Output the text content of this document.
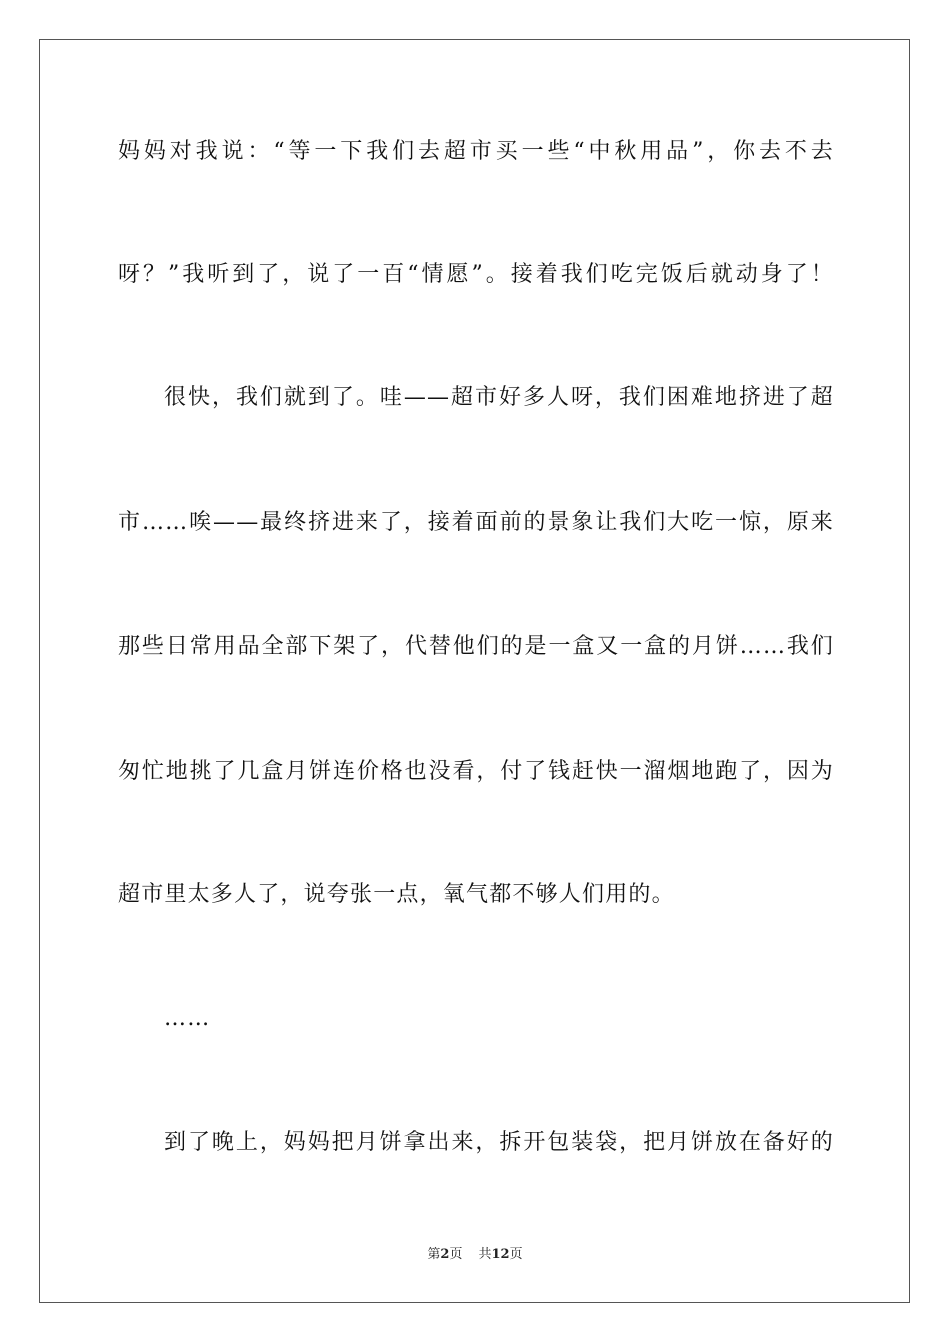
妈妈对我说：“等一下我们去超市买一些“中秋用品”，你去不去
呀？”我听到了，说了一百“情愿”。接着我们吃完饭后就动身了！
很快，我们就到了。哇——超市好多人呀，我们困难地挤进了超
市……唉——最终挤进来了，接着面前的景象让我们大吃一惊，原来
那些日常用品全部下架了，代替他们的是一盒又一盒的月饼……我们
匆忙地挑了几盒月饼连价格也没看，付了钱赶快一溜烟地跑了，因为
超市里太多人了，说夸张一点，氧气都不够人们用的。
……
到了晚上，妈妈把月饼拿出来，拆开包装袋，把月饼放在备好的
第2页 共12页
